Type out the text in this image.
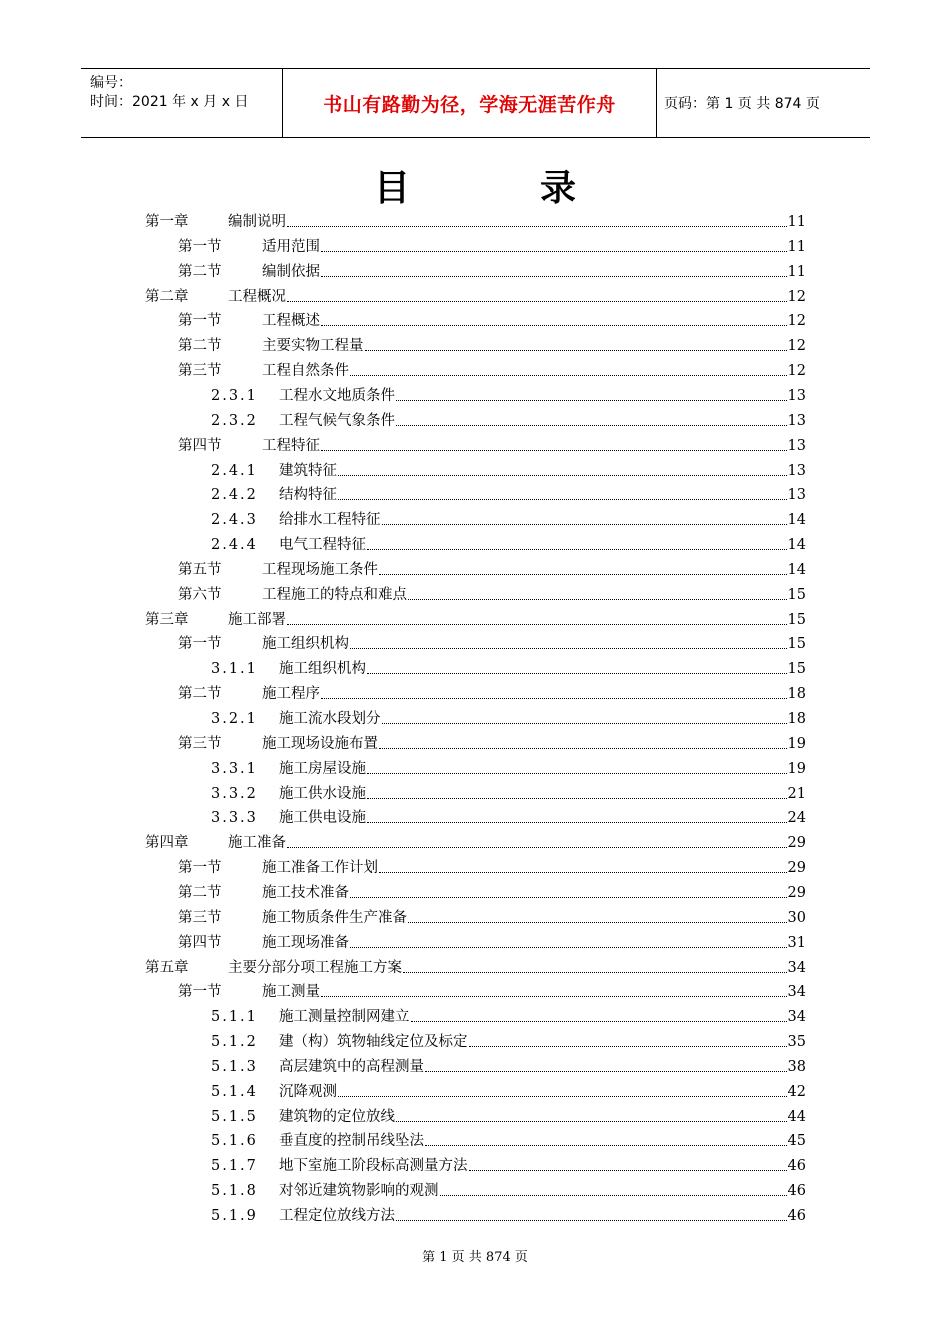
编号：
时间：2021 年 x 月 x 日	书山有路勤为径，学海无涯苦作舟	页码：第 1 页 共 874 页
目	录
第一章	编制说明	11
第一节	适用范围	11
第二节	编制依据	11
第二章	工程概况	12
第一节	工程概述	12
第二节	主要实物工程量	12
第三节	工程自然条件	12
2.3.1	工程水文地质条件	13
2.3.2	工程气候气象条件	13
第四节	工程特征	13
2.4.1	建筑特征	13
2.4.2	结构特征	13
2.4.3	给排水工程特征	14
2.4.4	电气工程特征	14
第五节	工程现场施工条件	14
第六节	工程施工的特点和难点	15
第三章	施工部署	15
第一节	施工组织机构	15
3.1.1	施工组织机构	15
第二节	施工程序	18
3.2.1	施工流水段划分	18
第三节	施工现场设施布置	19
3.3.1	施工房屋设施	19
3.3.2	施工供水设施	21
3.3.3	施工供电设施	24
第四章	施工准备	29
第一节	施工准备工作计划	29
第二节	施工技术准备	29
第三节	施工物质条件生产准备	30
第四节	施工现场准备	31
第五章	主要分部分项工程施工方案	34
第一节	施工测量	34
5.1.1	施工测量控制网建立	34
5.1.2	建（构）筑物轴线定位及标定	35
5.1.3	高层建筑中的高程测量	38
5.1.4	沉降观测	42
5.1.5	建筑物的定位放线	44
5.1.6	垂直度的控制吊线坠法	45
5.1.7	地下室施工阶段标高测量方法	46
5.1.8	对邻近建筑物影响的观测	46
5.1.9	工程定位放线方法	46
第 1 页 共 874 页
